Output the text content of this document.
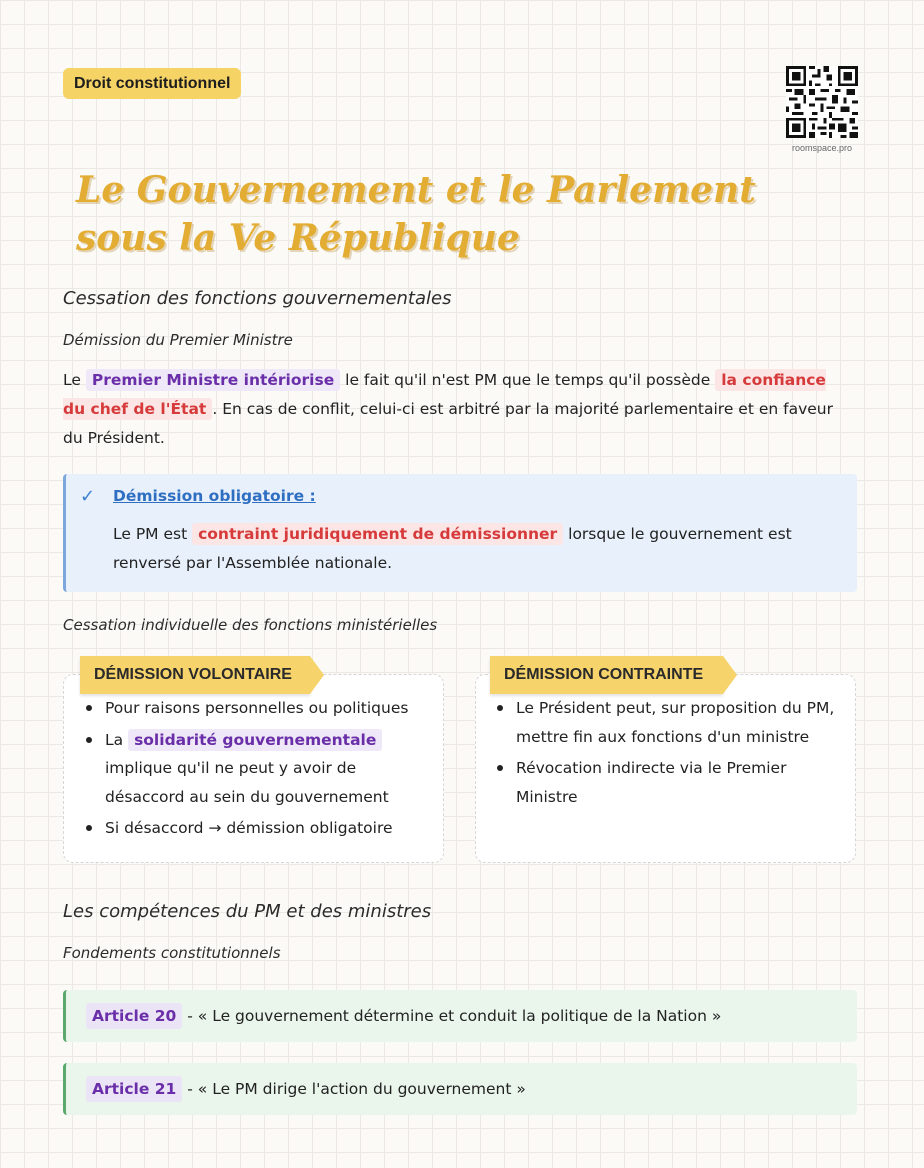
Droit constitutionnel
roomspace.pro
Le Gouvernement et le Parlement sous la Ve République
Cessation des fonctions gouvernementales
Démission du Premier Ministre
Le Premier Ministre intériorise le fait qu'il n'est PM que le temps qu'il possède la confiance du chef de l'État . En cas de conflit, celui-ci est arbitré par la majorité parlementaire et en faveur du Président.
✓ Démission obligatoire :
Le PM est contraint juridiquement de démissionner lorsque le gouvernement est renversé par l'Assemblée nationale.
Cessation individuelle des fonctions ministérielles
DÉMISSION VOLONTAIRE
Pour raisons personnelles ou politiques
La solidarité gouvernementale implique qu'il ne peut y avoir de désaccord au sein du gouvernement
Si désaccord → démission obligatoire
DÉMISSION CONTRAINTE
Le Président peut, sur proposition du PM, mettre fin aux fonctions d'un ministre
Révocation indirecte via le Premier Ministre
Les compétences du PM et des ministres
Fondements constitutionnels
Article 20 - « Le gouvernement détermine et conduit la politique de la Nation »
Article 21 - « Le PM dirige l'action du gouvernement »
